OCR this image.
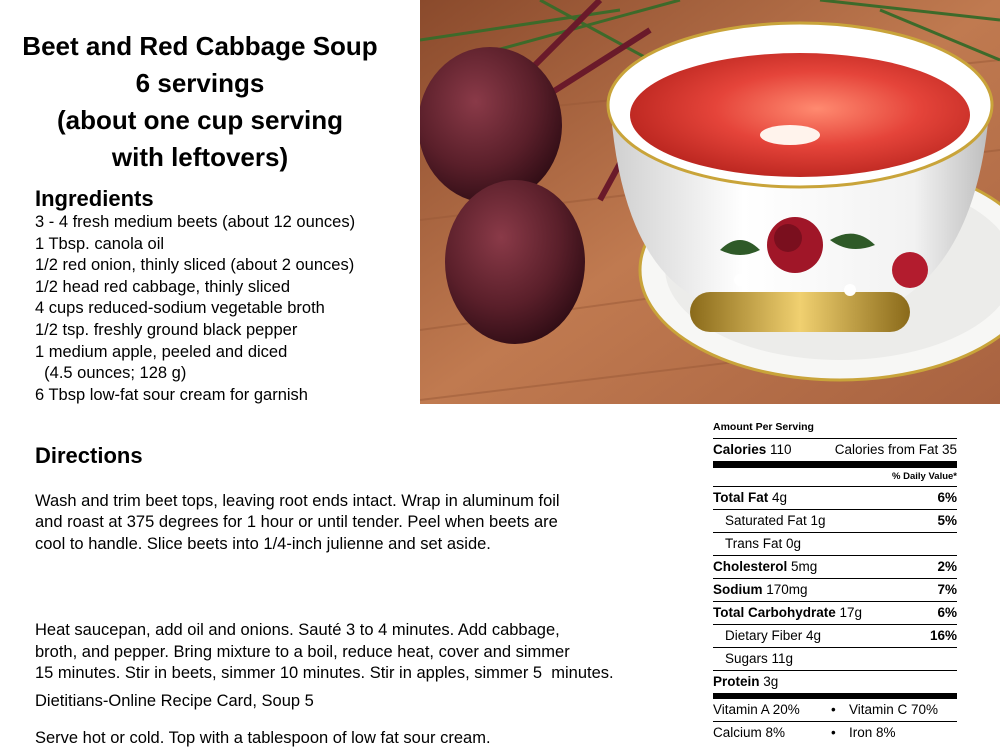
Beet and Red Cabbage Soup
6 servings
(about one cup serving
with leftovers)
Ingredients
3 - 4 fresh medium beets (about 12 ounces)
1 Tbsp. canola oil
1/2 red onion, thinly sliced (about 2 ounces)
1/2 head red cabbage, thinly sliced
4 cups reduced-sodium vegetable broth
1/2 tsp. freshly ground black pepper
1 medium apple, peeled and diced
(4.5 ounces; 128 g)
6 Tbsp low-fat sour cream for garnish
Directions

Wash and trim beet tops, leaving root ends intact. Wrap in aluminum foil
and roast at 375 degrees for 1 hour or until tender. Peel when beets are
cool to handle. Slice beets into 1/4-inch julienne and set aside.

Heat saucepan, add oil and onions. Sauté 3 to 4 minutes. Add cabbage,
broth, and pepper. Bring mixture to a boil, reduce heat, cover and simmer
15 minutes. Stir in beets, simmer 10 minutes. Stir in apples, simmer 5  minutes.

Serve hot or cold. Top with a tablespoon of low fat sour cream.
Dietitians-Online Recipe Card, Soup 5
Amount Per Serving
Calories 110	Calories from Fat 35
% Daily Value*
Total Fat 4g	6%
Saturated Fat 1g	5%
Trans Fat 0g
Cholesterol 5mg	2%
Sodium 170mg	7%
Total Carbohydrate 17g	6%
Dietary Fiber 4g	16%
Sugars 11g
Protein 3g
Vitamin A 20%	• Vitamin C 70%
Calcium 8%	• Iron 8%
